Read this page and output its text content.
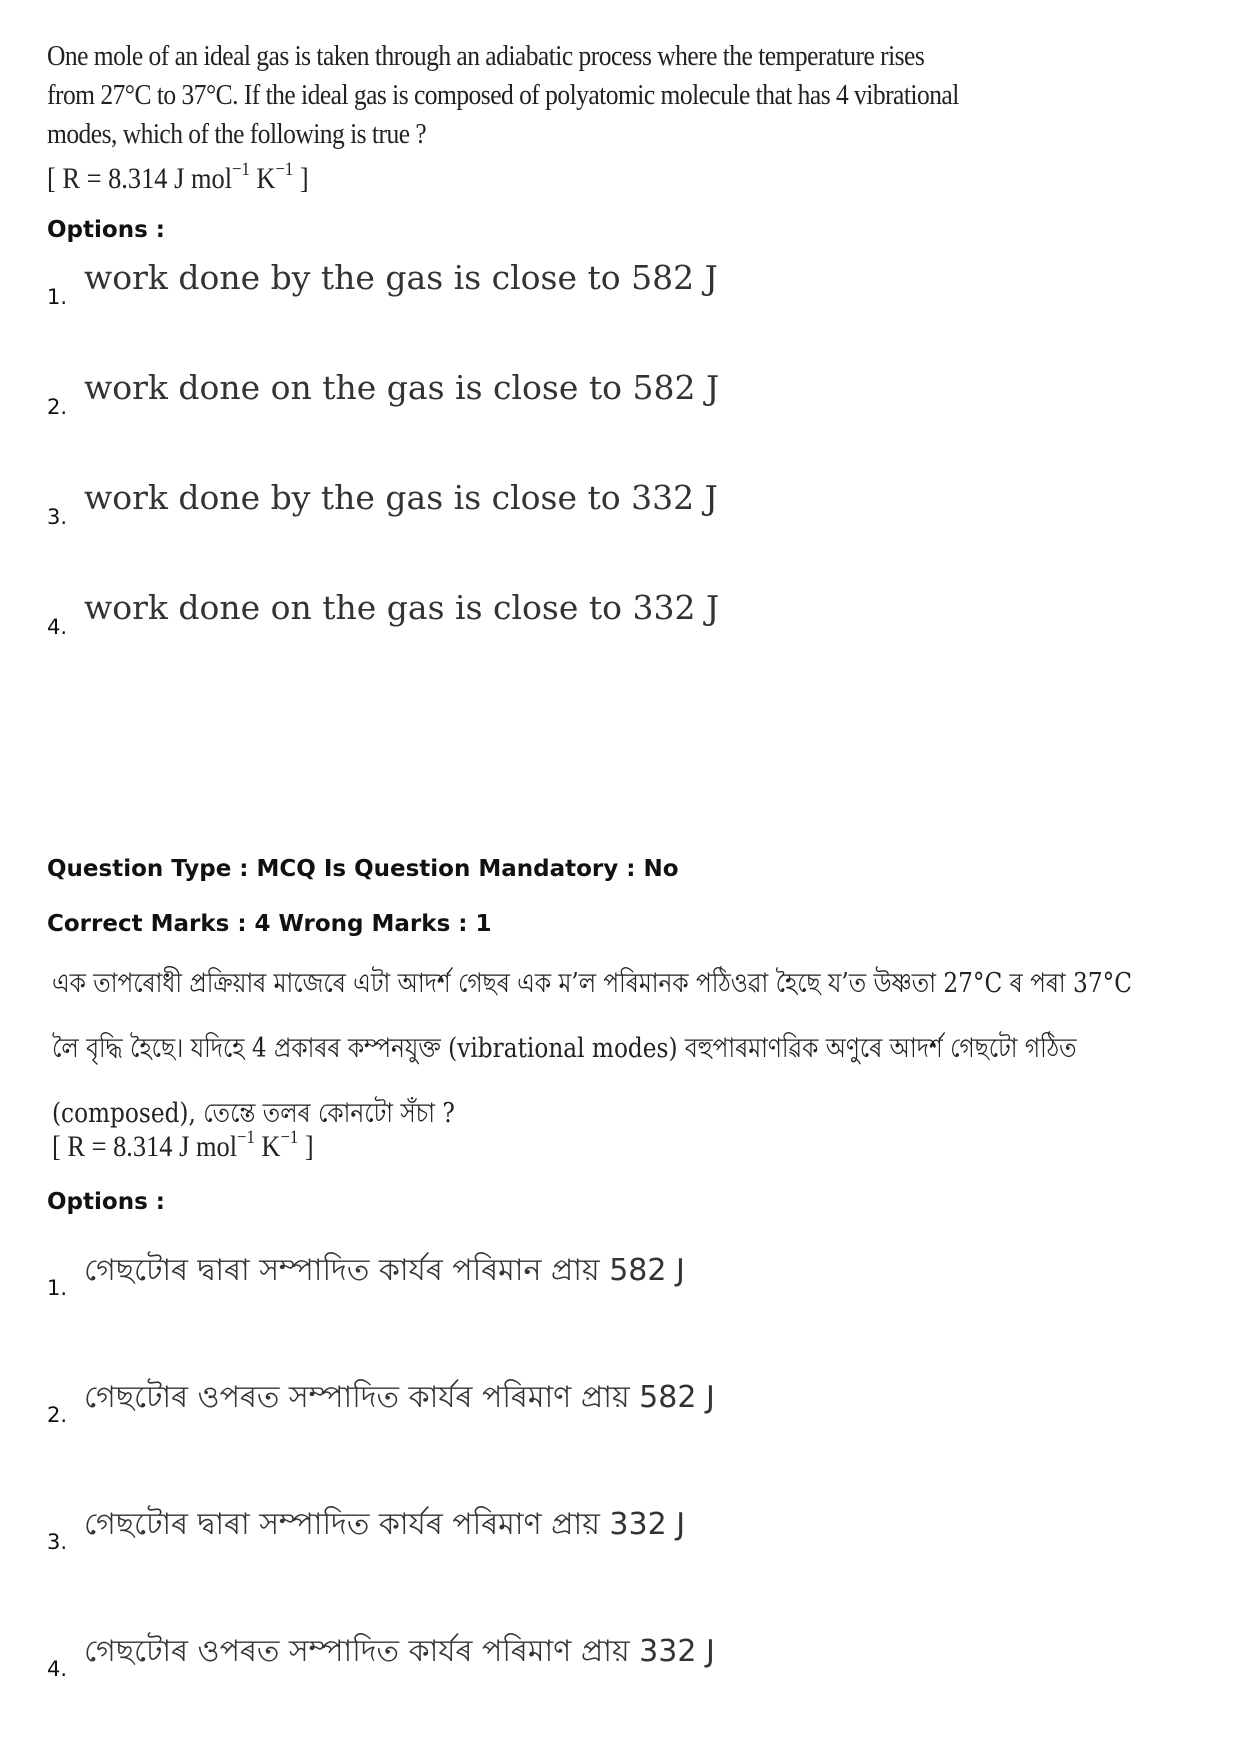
One mole of an ideal gas is taken through an adiabatic process where the temperature rises
from 27°C to 37°C. If the ideal gas is composed of polyatomic molecule that has 4 vibrational
modes, which of the following is true ?
[ R = 8.314 J mol$^{-1}$ $K^{-1}$ ]
Options :
1. work done by the gas is close to 582 J
2. work done on the gas is close to 582 J
3. work done by the gas is close to 332 J
4. work done on the gas is close to 332 J
Question Type : MCQ Is Question Mandatory : No
Correct Marks : 4 Wrong Marks : 1
এক তাপৰোধী প্ৰক্ৰিয়াৰ মাজেৰে এটা আদৰ্শ গেছৰ এক ম’ল পৰিমানক পঠিওৱা হৈছে য’ত উষ্ণতা 27°C ৰ পৰা 37°C
লৈ বৃদ্ধি হৈছে। যদিহে 4 প্ৰকাৰৰ কম্পনযুক্ত (vibrational modes) বহুপাৰমাণৱিক অণুৰে আদৰ্শ গেছটো গঠিত
(composed), তেন্তে তলৰ কোনটো সঁচা ?
[ R = 8.314 J mol$^{-1}$ $K^{-1}$ ]
Options :
1. গেছটোৰ দ্বাৰা সম্পাদিত কাৰ্যৰ পৰিমান প্ৰায় 582 J
2. গেছটোৰ ওপৰত সম্পাদিত কাৰ্যৰ পৰিমাণ প্ৰায় 582 J
3. গেছটোৰ দ্বাৰা সম্পাদিত কাৰ্যৰ পৰিমাণ প্ৰায় 332 J
4. গেছটোৰ ওপৰত সম্পাদিত কাৰ্যৰ পৰিমাণ প্ৰায় 332 J
